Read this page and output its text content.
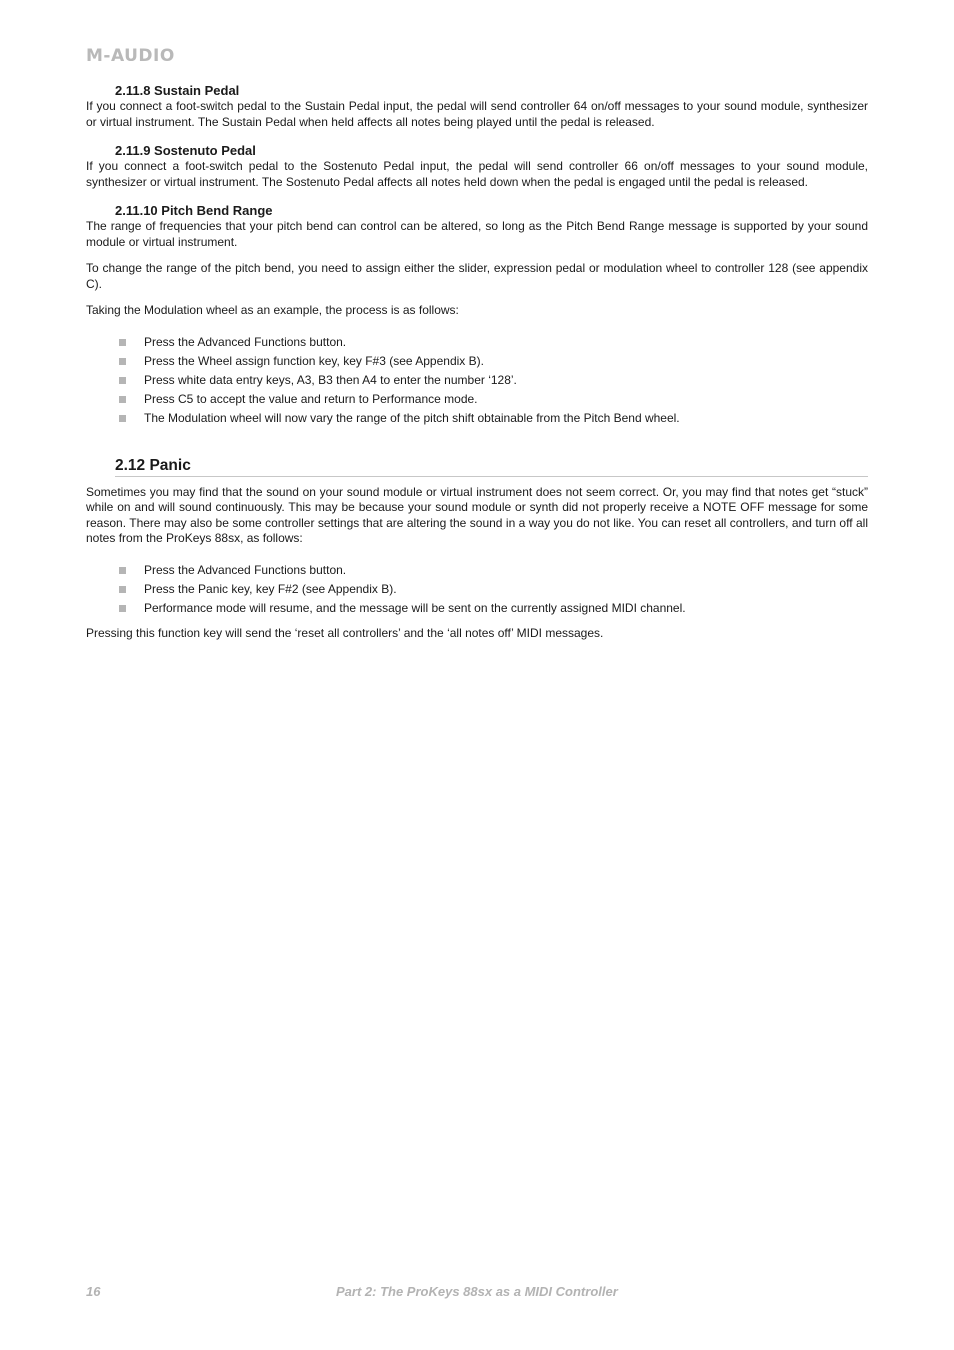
M-AUDIO
2.11.8 Sustain Pedal

If you connect a foot-switch pedal to the Sustain Pedal input, the pedal will send controller 64 on/off messages to your sound module, synthesizer or virtual instrument. The Sustain Pedal when held affects all notes being played until the pedal is released.

2.11.9 Sostenuto Pedal

If you connect a foot-switch pedal to the Sostenuto Pedal input, the pedal will send controller 66 on/off messages to your sound module, synthesizer or virtual instrument. The Sostenuto Pedal affects all notes held down when the pedal is engaged until the pedal is released.

2.11.10 Pitch Bend Range

The range of frequencies that your pitch bend can control can be altered, so long as the Pitch Bend Range message is supported by your sound module or virtual instrument.

To change the range of the pitch bend, you need to assign either the slider, expression pedal or modulation wheel to controller 128 (see appendix C).

Taking the Modulation wheel as an example, the process is as follows:

Press the Advanced Functions button.
Press the Wheel assign function key, key F#3 (see Appendix B).
Press white data entry keys, A3, B3 then A4 to enter the number ‘128’.
Press C5 to accept the value and return to Performance mode.
The Modulation wheel will now vary the range of the pitch shift obtainable from the Pitch Bend wheel.
2.12 Panic

Sometimes you may find that the sound on your sound module or virtual instrument does not seem correct. Or, you may find that notes get “stuck” while on and will sound continuously. This may be because your sound module or synth did not properly receive a NOTE OFF message for some reason. There may also be some controller settings that are altering the sound in a way you do not like. You can reset all controllers, and turn off all notes from the ProKeys 88sx, as follows:

Press the Advanced Functions button.
Press the Panic key, key F#2 (see Appendix B).
Performance mode will resume, and the message will be sent on the currently assigned MIDI channel.

Pressing this function key will send the ‘reset all controllers’ and the ‘all notes off’ MIDI messages.

16	Part 2: The ProKeys 88sx as a MIDI Controller
